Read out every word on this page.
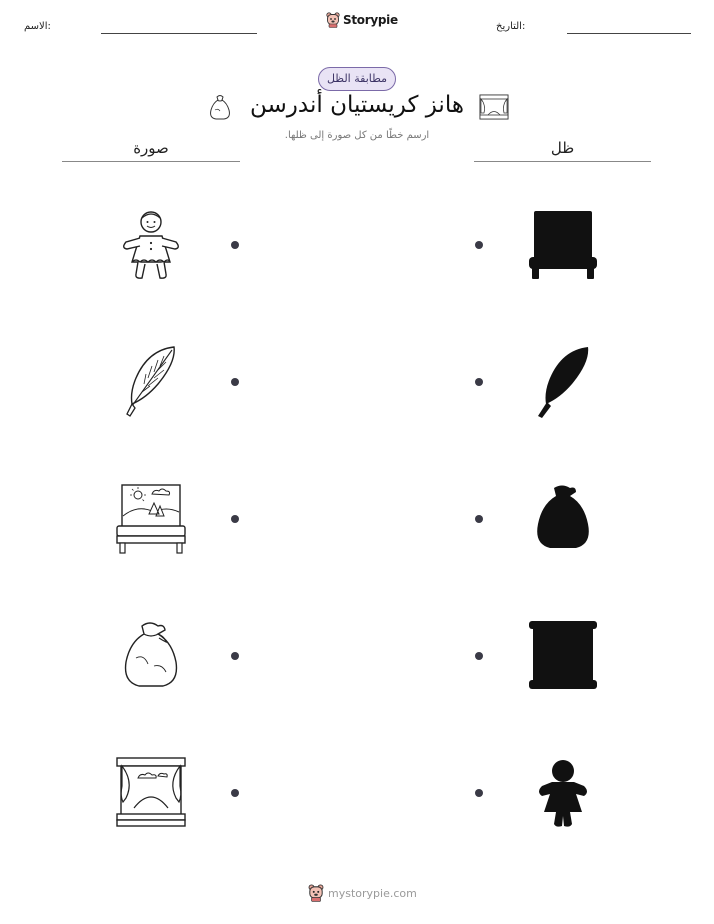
الاسم:	Storypie	التاريخ:
مطابقة الظل
هانز كريستيان أندرسن
ارسم خطًا من كل صورة إلى ظلها.
صورة	ظل
mystorypie.com
